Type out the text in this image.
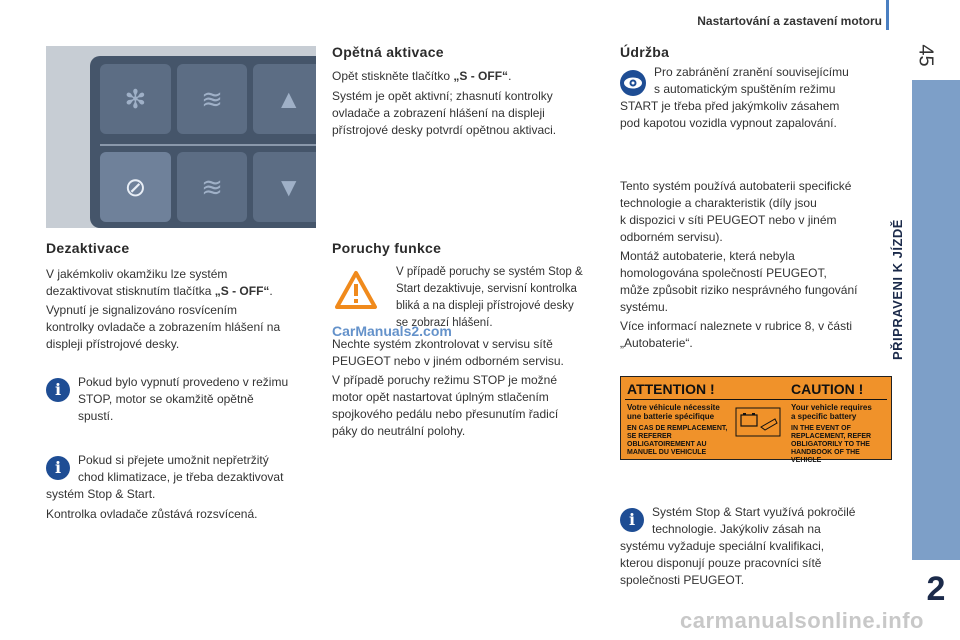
Nastartování a zastavení motoru
45
PŘIPRAVENI K JÍZDĚ
2
✻	≋	▲
⊘	≋	▼
Dezaktivace
V jakémkoliv okamžiku lze systém
dezaktivovat stisknutím tlačítka „S - OFF“.
Vypnutí je signalizováno rosvícením
kontrolky ovladače a zobrazením hlášení na
displeji přístrojové desky.
i	Pokud bylo vypnutí provedeno v režimu
STOP, motor se okamžitě opětně
spustí.
i	Pokud si přejete umožnit nepřetržitý
chod klimatizace, je třeba dezaktivovat
systém Stop & Start.
Kontrolka ovladače zůstává rozsvícená.
Opětná aktivace
Opět stiskněte tlačítko „S - OFF“.
Systém je opět aktivní; zhasnutí kontrolky
ovladače a zobrazení hlášení na displeji
přístrojové desky potvrdí opětnou aktivaci.
Poruchy funkce
V případě poruchy se systém Stop &
Start dezaktivuje, servisní kontrolka
bliká a na displeji přístrojové desky
se zobrazí hlášení.
CarManuals2.com
Nechte systém zkontrolovat v servisu sítě
PEUGEOT nebo v jiném odborném servisu.
V případě poruchy režimu STOP je možné
motor opět nastartovat úplným stlačením
spojkového pedálu nebo přesunutím řadicí
páky do neutrální polohy.
Údržba
Pro zabránění zranění souvisejícímu
s automatickým spuštěním režimu
START je třeba před jakýmkoliv zásahem
pod kapotou vozidla vypnout zapalování.
Tento systém používá autobaterii specifické
technologie a charakteristik (díly jsou
k dispozici v síti PEUGEOT nebo v jiném
odborném servisu).
Montáž autobaterie, která nebyla
homologována společností PEUGEOT,
může způsobit riziko nesprávného fungování
systému.
Více informací naleznete v rubrice 8, v části
„Autobaterie“.
ATTENTION !	CAUTION !
Votre véhicule nécessite
une batterie spécifique
Your vehicle requires
a specific battery
EN CAS DE REMPLACEMENT, SE REFERER OBLIGATOIREMENT AU MANUEL DU VEHICULE
IN THE EVENT OF REPLACEMENT, REFER OBLIGATORILY TO THE HANDBOOK OF THE VEHICLE
i	Systém Stop & Start využívá pokročilé
technologie. Jakýkoliv zásah na
systému vyžaduje speciální kvalifikaci,
kterou disponují pouze pracovníci sítě
společnosti PEUGEOT.
carmanualsonline.info
